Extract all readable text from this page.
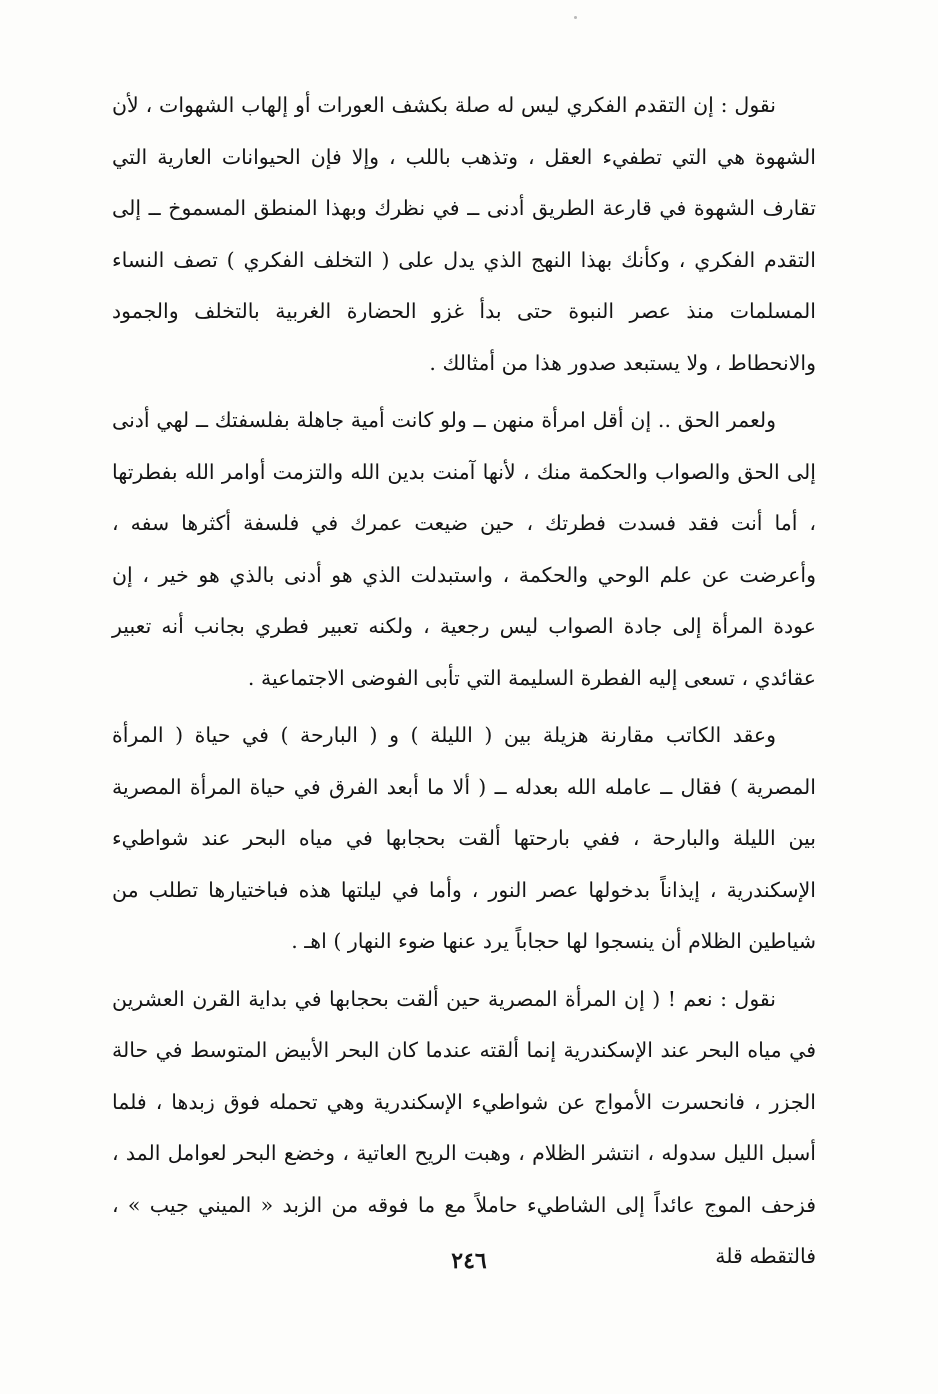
نقول : إن التقدم الفكري ليس له صلة بكشف العورات أو إلهاب الشهوات ، لأن الشهوة هي التي تطفيء العقل ، وتذهب باللب ، وإلا فإن الحيوانات العارية التي تقارف الشهوة في قارعة الطريق أدنى ــ في نظرك وبهذا المنطق المسموخ ــ إلى التقدم الفكري ، وكأنك بهذا النهج الذي يدل على ( التخلف الفكري ) تصف النساء المسلمات منذ عصر النبوة حتى بدأ غزو الحضارة الغربية بالتخلف والجمود والانحطاط ، ولا يستبعد صدور هذا من أمثالك .

ولعمر الحق .. إن أقل امرأة منهن ــ ولو كانت أمية جاهلة بفلسفتك ــ لهي أدنى إلى الحق والصواب والحكمة منك ، لأنها آمنت بدين الله والتزمت أوامر الله بفطرتها ، أما أنت فقد فسدت فطرتك ، حين ضيعت عمرك في فلسفة أكثرها سفه ، وأعرضت عن علم الوحي والحكمة ، واستبدلت الذي هو أدنى بالذي هو خير ، إن عودة المرأة إلى جادة الصواب ليس رجعية ، ولكنه تعبير فطري بجانب أنه تعبير عقائدي ، تسعى إليه الفطرة السليمة التي تأبى الفوضى الاجتماعية .

وعقد الكاتب مقارنة هزيلة بين ( الليلة ) و ( البارحة ) في حياة ( المرأة المصرية ) فقال ــ عامله الله بعدله ــ ( ألا ما أبعد الفرق في حياة المرأة المصرية بين الليلة والبارحة ، ففي بارحتها ألقت بحجابها في مياه البحر عند شواطيء الإسكندرية ، إيذاناً بدخولها عصر النور ، وأما في ليلتها هذه فباختيارها تطلب من شياطين الظلام أن ينسجوا لها حجاباً يرد عنها ضوء النهار ) اهـ .

نقول : نعم ! ( إن المرأة المصرية حين ألقت بحجابها في بداية القرن العشرين في مياه البحر عند الإسكندرية إنما ألقته عندما كان البحر الأبيض المتوسط في حالة الجزر ، فانحسرت الأمواج عن شواطيء الإسكندرية وهي تحمله فوق زبدها ، فلما أسبل الليل سدوله ، انتشر الظلام ، وهبت الريح العاتية ، وخضع البحر لعوامل المد ، فزحف الموج عائداً إلى الشاطيء حاملاً مع ما فوقه من الزبد « الميني جيب » ، فالتقطه قلة

٢٤٦
